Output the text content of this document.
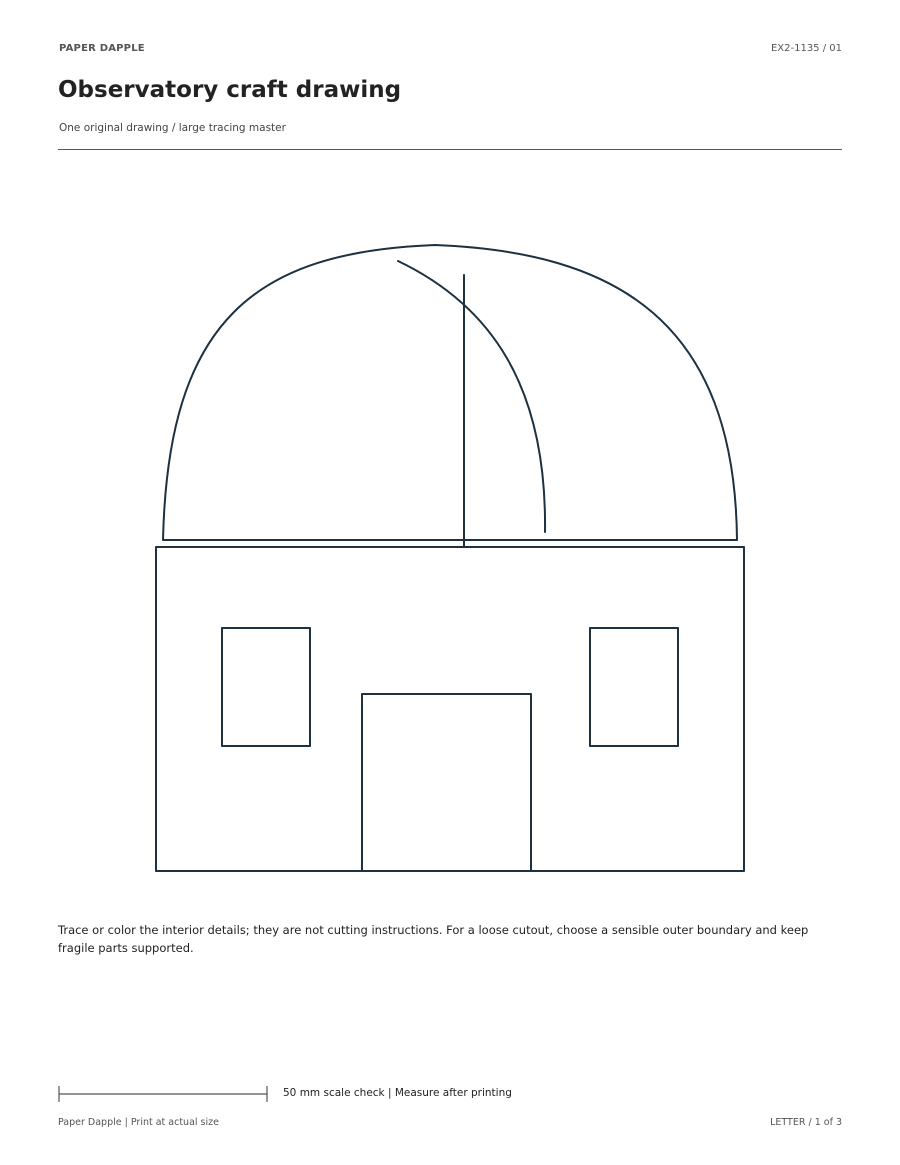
PAPER DAPPLE	EX2-1135 / 01
Observatory craft drawing
One original drawing / large tracing master
Trace or color the interior details; they are not cutting instructions. For a loose cutout, choose a sensible outer boundary and keep fragile parts supported.
50 mm scale check | Measure after printing
Paper Dapple | Print at actual size	LETTER / 1 of 3
